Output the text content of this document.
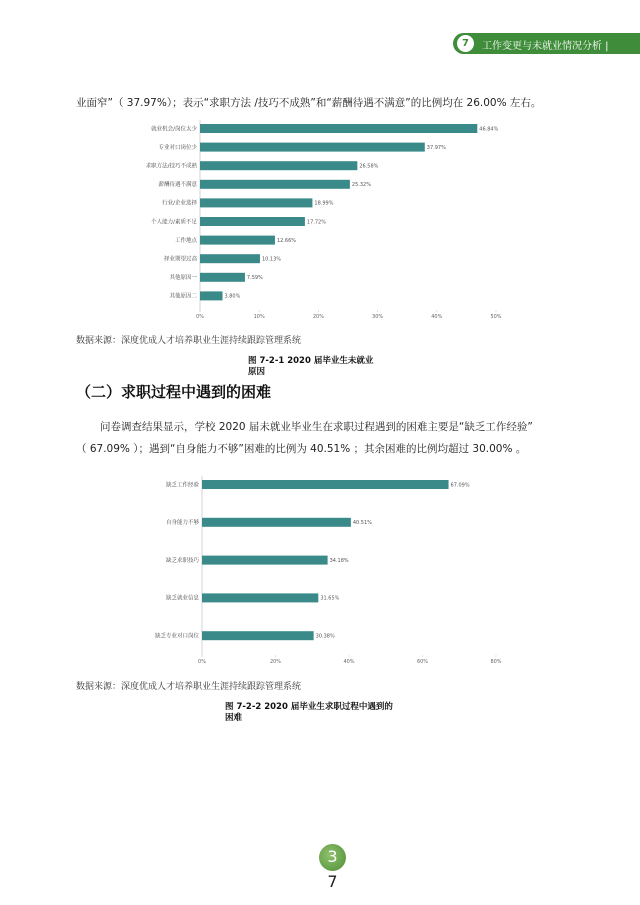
7	工作变更与未就业情况分析 |
业面窄”（ 37.97%）；表示“求职方法 /技巧不成熟”和“薪酬待遇不满意”的比例均在 26.00% 左右。
就业机会/岗位太少	46.84%
专业对口岗位少	37.97%
求职方法/技巧不成熟	26.58%
薪酬待遇不满意	25.32%
行业/企业选择	18.99%
个人能力/素质不足	17.72%
工作地点	12.66%
择业期望过高	10.13%
其他原因一	7.59%
其他原因二	3.80%
0%	10%	20%	30%	40%	50%
数据来源：深度优成人才培养职业生涯持续跟踪管理系统
图 7-2-1 2020 届毕业生未就业
原因
（二）求职过程中遇到的困难
问卷调查结果显示，学校 2020 届未就业毕业生在求职过程遇到的困难主要是“缺乏工作经验”
（ 67.09% ）；遇到“自身能力不够”困难的比例为 40.51% ；其余困难的比例均超过 30.00% 。
缺乏工作经验	67.09%
自身能力不够	40.51%
缺乏求职技巧	34.18%
缺乏就业信息	31.65%
缺乏专业对口岗位	30.38%
0%	20%	40%	60%	80%
数据来源：深度优成人才培养职业生涯持续跟踪管理系统
图 7-2-2 2020 届毕业生求职过程中遇到的
困难
3
7
